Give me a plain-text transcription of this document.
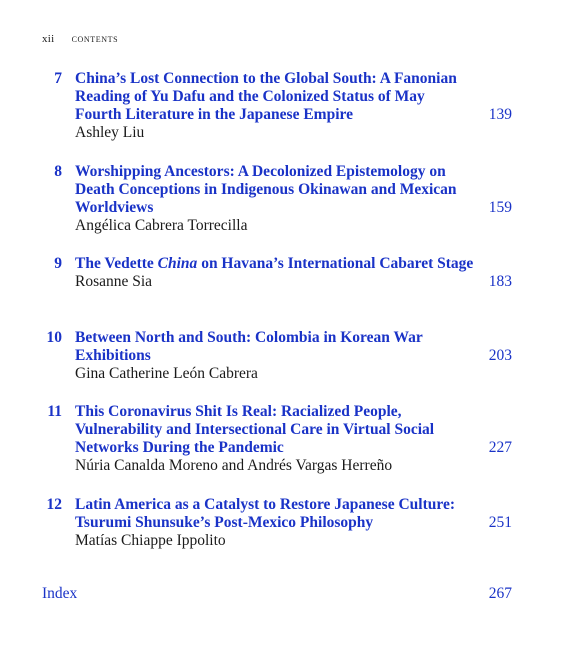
xii contents
7 China’s Lost Connection to the Global South: A Fanonian Reading of Yu Dafu and the Colonized Status of May Fourth Literature in the Japanese Empire
Ashley Liu
139
8 Worshipping Ancestors: A Decolonized Epistemology on Death Conceptions in Indigenous Okinawan and Mexican Worldviews
Angélica Cabrera Torrecilla
159
9 The Vedette China on Havana’s International Cabaret Stage
Rosanne Sia	183
10 Between North and South: Colombia in Korean War Exhibitions
Gina Catherine León Cabrera
203
11 This Coronavirus Shit Is Real: Racialized People, Vulnerability and Intersectional Care in Virtual Social Networks During the Pandemic
Núria Canalda Moreno and Andrés Vargas Herreño
227
12 Latin America as a Catalyst to Restore Japanese Culture: Tsurumi Shunsuke’s Post-Mexico Philosophy
Matías Chiappe Ippolito
251
Index	267
